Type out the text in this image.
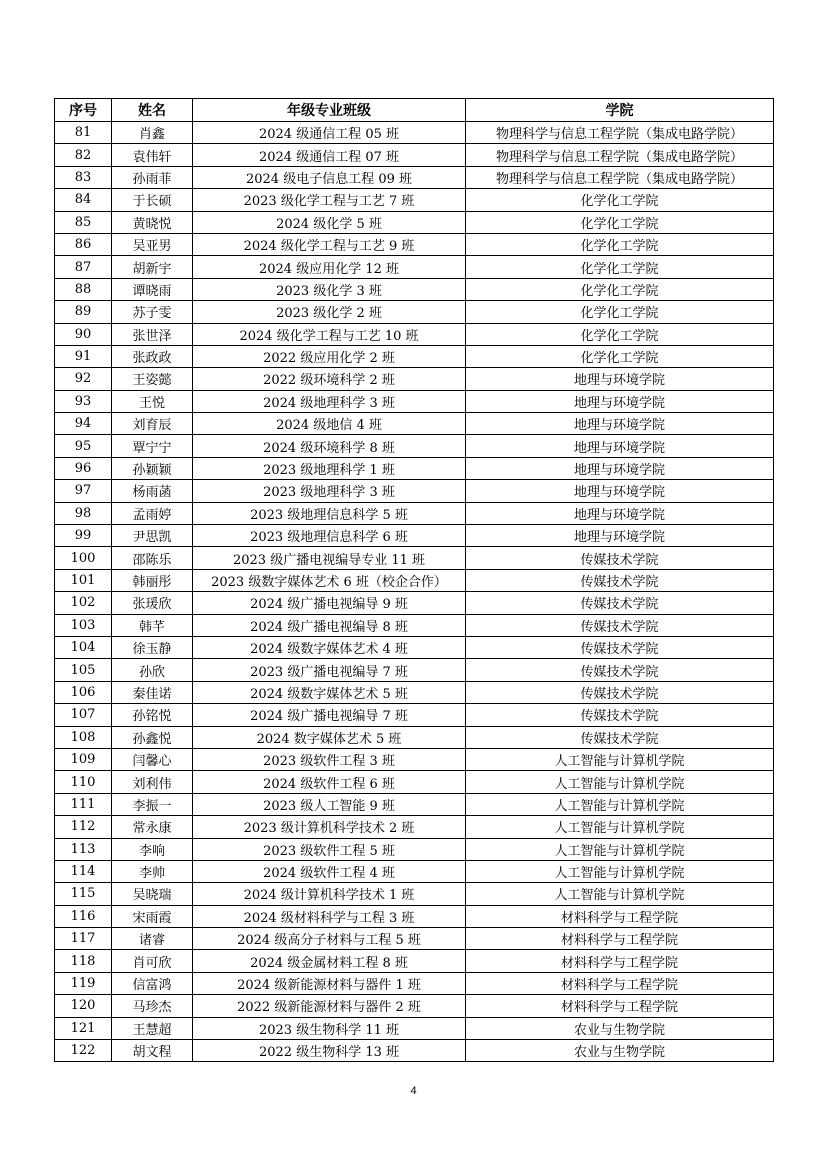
序号	姓名	年级专业班级	学院
81	肖鑫	2024 级通信工程 05 班	物理科学与信息工程学院（集成电路学院）
82	袁伟轩	2024 级通信工程 07 班	物理科学与信息工程学院（集成电路学院）
83	孙雨菲	2024 级电子信息工程 09 班	物理科学与信息工程学院（集成电路学院）
84	于长硕	2023 级化学工程与工艺 7 班	化学化工学院
85	黄晓悦	2024 级化学 5 班	化学化工学院
86	吴亚男	2024 级化学工程与工艺 9 班	化学化工学院
87	胡新宇	2024 级应用化学 12 班	化学化工学院
88	谭晓雨	2023 级化学 3 班	化学化工学院
89	苏子雯	2023 级化学 2 班	化学化工学院
90	张世泽	2024 级化学工程与工艺 10 班	化学化工学院
91	张政政	2022 级应用化学 2 班	化学化工学院
92	王姿懿	2022 级环境科学 2 班	地理与环境学院
93	王悦	2024 级地理科学 3 班	地理与环境学院
94	刘育辰	2024 级地信 4 班	地理与环境学院
95	覃宁宁	2024 级环境科学 8 班	地理与环境学院
96	孙颖颖	2023 级地理科学 1 班	地理与环境学院
97	杨雨菡	2023 级地理科学 3 班	地理与环境学院
98	孟雨婷	2023 级地理信息科学 5 班	地理与环境学院
99	尹思凯	2023 级地理信息科学 6 班	地理与环境学院
100	邵陈乐	2023 级广播电视编导专业 11 班	传媒技术学院
101	韩丽彤	2023 级数字媒体艺术 6 班（校企合作）	传媒技术学院
102	张瑗欣	2024 级广播电视编导 9 班	传媒技术学院
103	韩芊	2024 级广播电视编导 8 班	传媒技术学院
104	徐玉静	2024 级数字媒体艺术 4 班	传媒技术学院
105	孙欣	2023 级广播电视编导 7 班	传媒技术学院
106	秦佳诺	2024 级数字媒体艺术 5 班	传媒技术学院
107	孙铭悦	2024 级广播电视编导 7 班	传媒技术学院
108	孙鑫悦	2024 数字媒体艺术 5 班	传媒技术学院
109	闫馨心	2023 级软件工程 3 班	人工智能与计算机学院
110	刘利伟	2024 级软件工程 6 班	人工智能与计算机学院
111	李振一	2023 级人工智能 9 班	人工智能与计算机学院
112	常永康	2023 级计算机科学技术 2 班	人工智能与计算机学院
113	李响	2023 级软件工程 5 班	人工智能与计算机学院
114	李帅	2024 级软件工程 4 班	人工智能与计算机学院
115	吴晓瑞	2024 级计算机科学技术 1 班	人工智能与计算机学院
116	宋雨霞	2024 级材料科学与工程 3 班	材料科学与工程学院
117	诸睿	2024 级高分子材料与工程 5 班	材料科学与工程学院
118	肖可欣	2024 级金属材料工程 8 班	材料科学与工程学院
119	信富鸿	2024 级新能源材料与器件 1 班	材料科学与工程学院
120	马珍杰	2022 级新能源材料与器件 2 班	材料科学与工程学院
121	王慧超	2023 级生物科学 11 班	农业与生物学院
122	胡文程	2022 级生物科学 13 班	农业与生物学院
4
